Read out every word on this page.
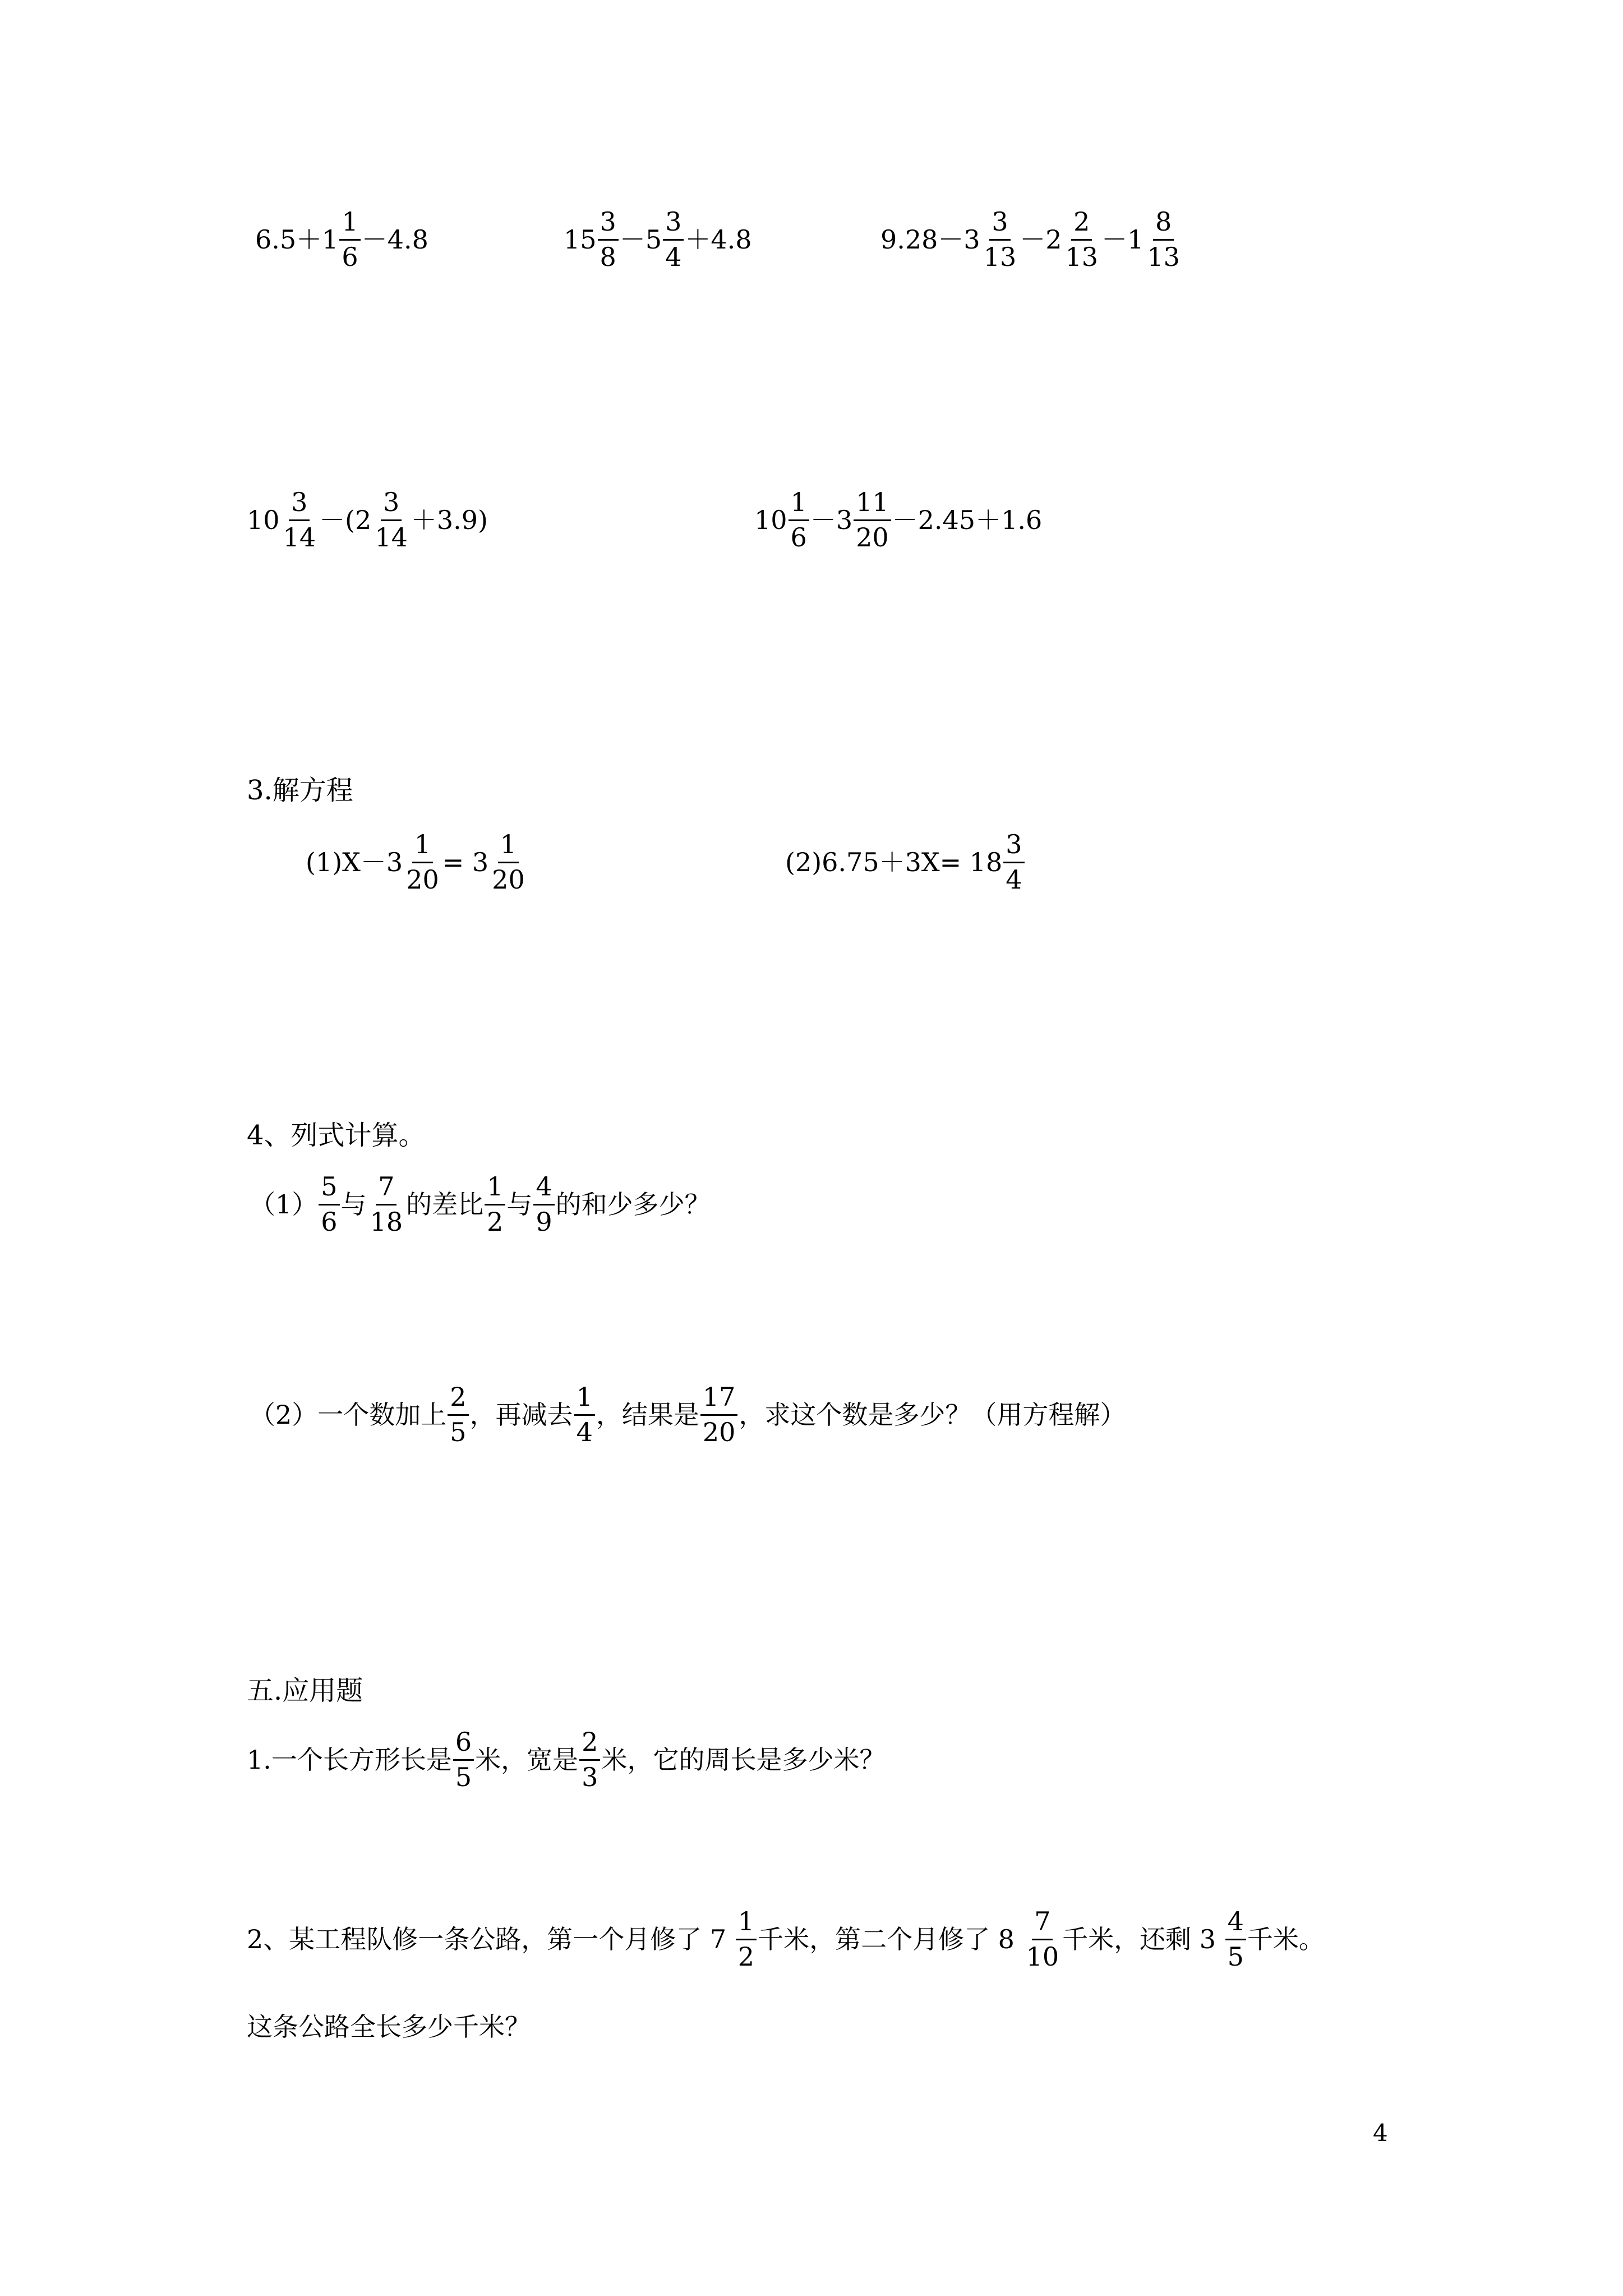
$6.5+1 \frac{1}{6} -4.8$	$15 \frac{3}{8} -5 \frac{3}{4} +4.8$	$9.28-3 \frac{3}{13} -2 \frac{2}{13} -1 \frac{8}{13}$
$10 \frac{3}{14} -(2 \frac{3}{14} +3.9)$	$10 \frac{1}{6} -3 \frac{11}{20} -2.45+1.6$
3.解方程
$(1)X-3 \frac{1}{20} = 3 \frac{1}{20}$	$(2)6.75+3X= 18 \frac{3}{4}$
4、列式计算。
$(1) \frac{5}{6}$ 与 $\frac{7}{18}$ 的差比 $\frac{1}{2}$ 与 $\frac{4}{9}$ 的和少多少？
（2）一个数加上 $\frac{2}{5}$ ，再减去 $\frac{1}{4}$ ，结果是 $\frac{17}{20}$ ，求这个数是多少？（用方程解）
五.应用题
1.一个长方形长是 $\frac{6}{5}$ 米，宽是 $\frac{2}{3}$ 米，它的周长是多少米？
2、某工程队修一条公路，第一个月修了 $7 \frac{1}{2}$ 千米，第二个月修了 $8 \frac{7}{10}$ 千米，还剩 $3 \frac{4}{5}$ 千米。
这条公路全长多少千米？
4
